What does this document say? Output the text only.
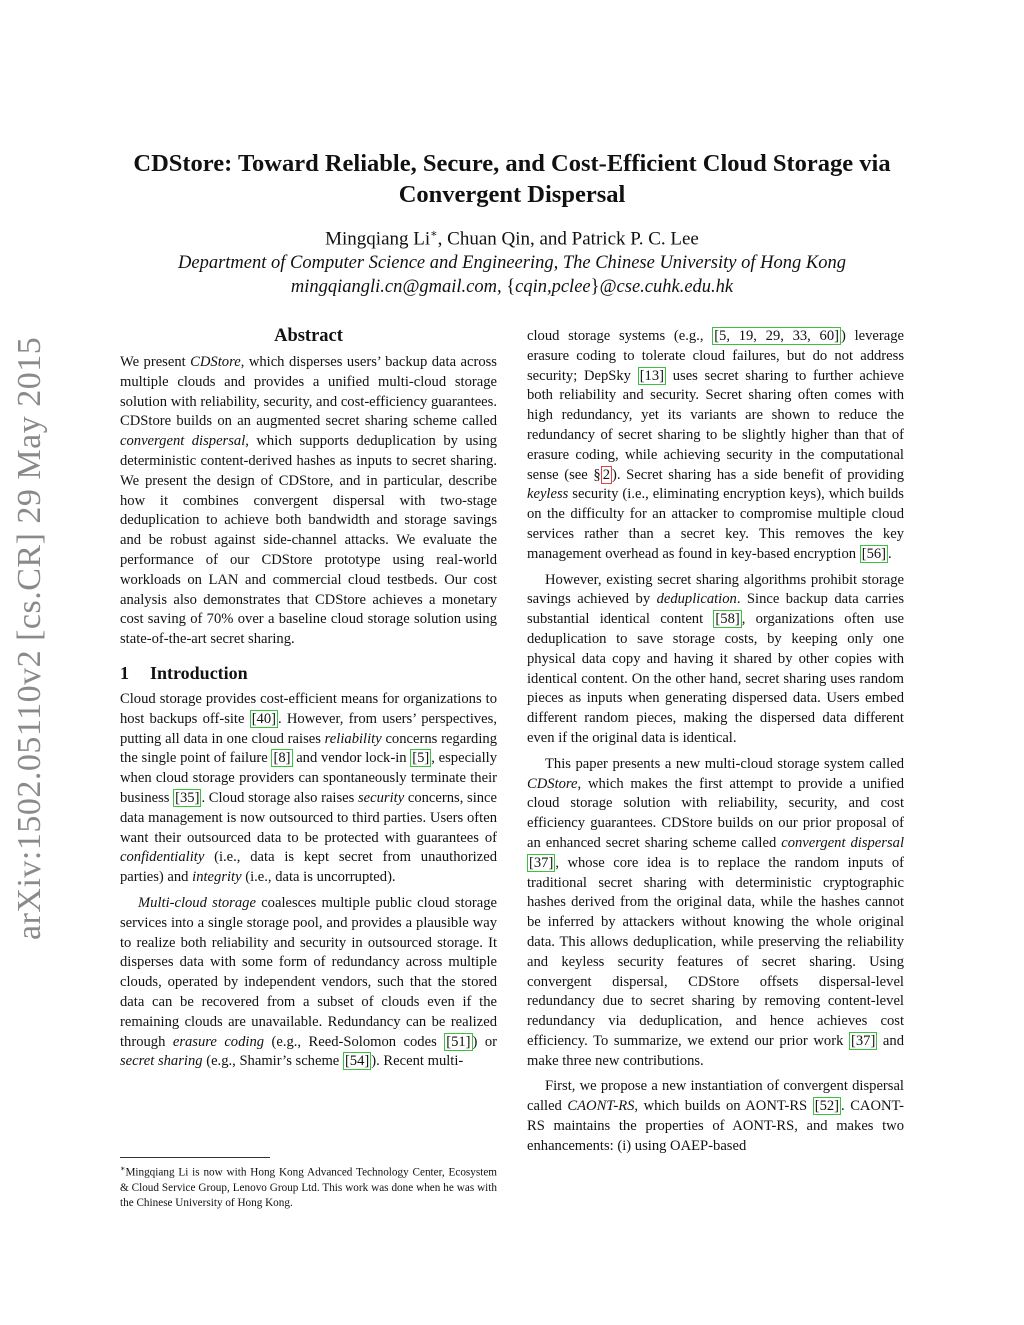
arXiv:1502.05110v2 [cs.CR] 29 May 2015
CDStore: Toward Reliable, Secure, and Cost-Efficient Cloud Storage via
Convergent Dispersal
Mingqiang Li∗, Chuan Qin, and Patrick P. C. Lee
Department of Computer Science and Engineering, The Chinese University of Hong Kong
mingqiangli.cn@gmail.com, {cqin,pclee}@cse.cuhk.edu.hk
Abstract

We present CDStore, which disperses users’ backup data across multiple clouds and provides a unified multi-cloud storage solution with reliability, security, and cost-efficiency guarantees. CDStore builds on an augmented secret sharing scheme called convergent dispersal, which supports deduplication by using deterministic content-derived hashes as inputs to secret sharing. We present the design of CDStore, and in particular, describe how it combines convergent dispersal with two-stage deduplication to achieve both bandwidth and storage savings and be robust against side-channel attacks. We evaluate the performance of our CDStore prototype using real-world workloads on LAN and commercial cloud testbeds. Our cost analysis also demonstrates that CDStore achieves a monetary cost saving of 70% over a baseline cloud storage solution using state-of-the-art secret sharing.

1 Introduction

Cloud storage provides cost-efficient means for organizations to host backups off-site [40] . However, from users’ perspectives, putting all data in one cloud raises reliability concerns regarding the single point of failure [8] and vendor lock-in [5] , especially when cloud storage providers can spontaneously terminate their business [35] . Cloud storage also raises security concerns, since data management is now outsourced to third parties. Users often want their outsourced data to be protected with guarantees of confidentiality (i.e., data is kept secret from unauthorized parties) and integrity (i.e., data is uncorrupted).

Multi-cloud storage coalesces multiple public cloud storage services into a single storage pool, and provides a plausible way to realize both reliability and security in outsourced storage. It disperses data with some form of redundancy across multiple clouds, operated by independent vendors, such that the stored data can be recovered from a subset of clouds even if the remaining clouds are unavailable. Redundancy can be realized through erasure coding (e.g., Reed-Solomon codes [51] ) or secret sharing (e.g., Shamir’s scheme [54] ). Recent multi-

∗Mingqiang Li is now with Hong Kong Advanced Technology Center, Ecosystem & Cloud Service Group, Lenovo Group Ltd. This work was done when he was with the Chinese University of Hong Kong.

cloud storage systems (e.g., [5, 19, 29, 33, 60] ) leverage erasure coding to tolerate cloud failures, but do not address security; DepSky [13] uses secret sharing to further achieve both reliability and security. Secret sharing often comes with high redundancy, yet its variants are shown to reduce the redundancy of secret sharing to be slightly higher than that of erasure coding, while achieving security in the computational sense (see § 2 ). Secret sharing has a side benefit of providing keyless security (i.e., eliminating encryption keys), which builds on the difficulty for an attacker to compromise multiple cloud services rather than a secret key. This removes the key management overhead as found in key-based encryption [56] .

However, existing secret sharing algorithms prohibit storage savings achieved by deduplication. Since backup data carries substantial identical content [58] , organizations often use deduplication to save storage costs, by keeping only one physical data copy and having it shared by other copies with identical content. On the other hand, secret sharing uses random pieces as inputs when generating dispersed data. Users embed different random pieces, making the dispersed data different even if the original data is identical.

This paper presents a new multi-cloud storage system called CDStore, which makes the first attempt to provide a unified cloud storage solution with reliability, security, and cost efficiency guarantees. CDStore builds on our prior proposal of an enhanced secret sharing scheme called convergent dispersal [37] , whose core idea is to replace the random inputs of traditional secret sharing with deterministic cryptographic hashes derived from the original data, while the hashes cannot be inferred by attackers without knowing the whole original data. This allows deduplication, while preserving the reliability and keyless security features of secret sharing. Using convergent dispersal, CDStore offsets dispersal-level redundancy due to secret sharing by removing content-level redundancy via deduplication, and hence achieves cost efficiency. To summarize, we extend our prior work [37] and make three new contributions.

First, we propose a new instantiation of convergent dispersal called CAONT-RS, which builds on AONT-RS [52] . CAONT-RS maintains the properties of AONT-RS, and makes two enhancements: (i) using OAEP-based
